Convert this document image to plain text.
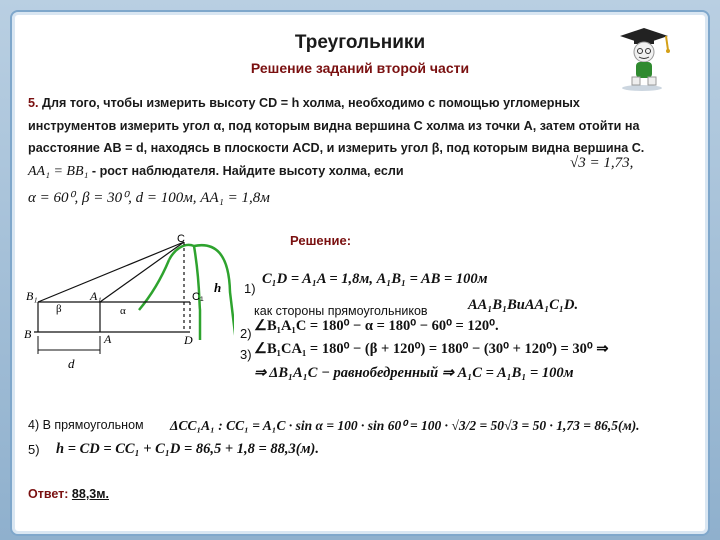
Треугольники
Решение заданий второй части
5. Для того, чтобы измерить высоту CD = h холма, необходимо с помощью угломерных инструментов измерить угол α, под которым видна вершина C холма из точки A, затем отойти на расстояние AB = d, находясь в плоскости ACD, и измерить угол β, под которым видна вершина C. AA₁ = BB₁ - рост наблюдателя. Найдите высоту холма, если	√3 = 1,73,
α = 60⁰, β = 30⁰, d = 100м, AA₁ = 1,8м
C
C₁
B₁	A₁
B	A	D
h
d
β	α
Решение:
1)
C₁D = A₁A = 1,8м, A₁B₁ = AB = 100м
как стороны прямоугольников	AA₁B₁BиAA₁C₁D.
2) ∠B₁A₁C = 180⁰ − α = 180⁰ − 60⁰ = 120⁰.
3) ∠B₁CA₁ = 180⁰ − (β + 120⁰) = 180⁰ − (30⁰ + 120⁰) = 30⁰ ⇒
⇒ ΔB₁A₁C − равнобедренный ⇒ A₁C = A₁B₁ = 100м
4) В прямоугольном ΔCC₁A₁ : CC₁ = A₁C · sin α = 100 · sin 60⁰ = 100 · √3/2 = 50√3 = 50 · 1,73 = 86,5(м).
5) h = CD = CC₁ + C₁D = 86,5 + 1,8 = 88,3(м).
Ответ: 88,3м.
